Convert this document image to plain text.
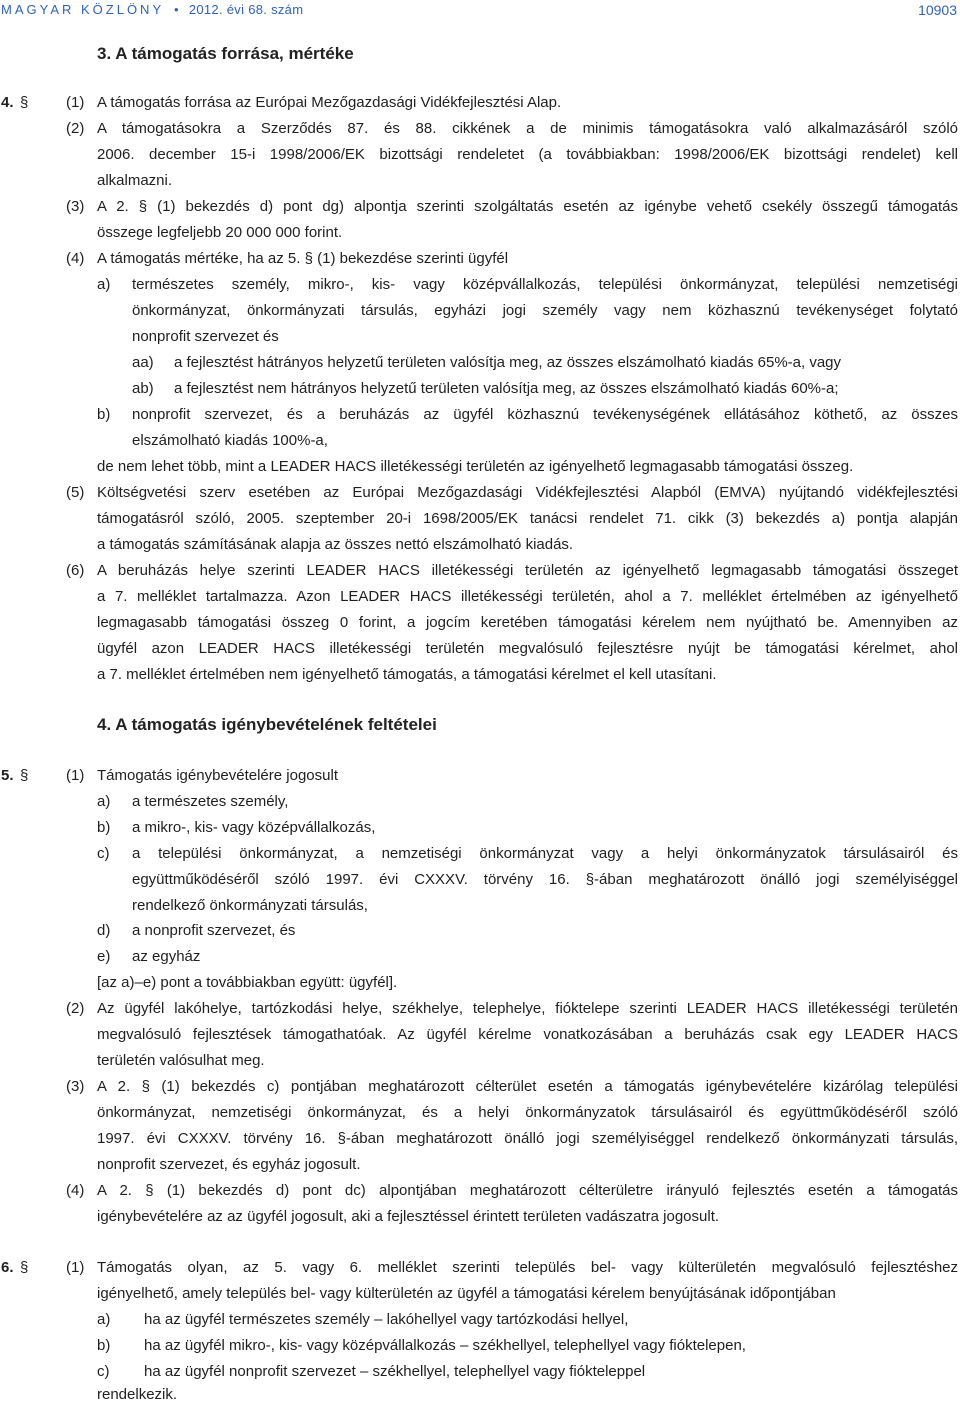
MAGYAR KÖZLÖNY • 2012. évi 68. szám	10903
3. A támogatás forrása, mértéke
4. §	(1) A támogatás forrása az Európai Mezőgazdasági Vidékfejlesztési Alap.
(2) A támogatásokra a Szerződés 87. és 88. cikkének a de minimis támogatásokra való alkalmazásáról szóló
2006. december 15-i 1998/2006/EK bizottsági rendeletet (a továbbiakban: 1998/2006/EK bizottsági rendelet) kell
alkalmazni.
(3) A 2. § (1) bekezdés d) pont dg) alpontja szerinti szolgáltatás esetén az igénybe vehető csekély összegű támogatás
összege legfeljebb 20 000 000 forint.
(4) A támogatás mértéke, ha az 5. § (1) bekezdése szerinti ügyfél
a) természetes személy, mikro-, kis- vagy középvállalkozás, települési önkormányzat, települési nemzetiségi
önkormányzat, önkormányzati társulás, egyházi jogi személy vagy nem közhasznú tevékenységet folytató
nonprofit szervezet és
aa) a fejlesztést hátrányos helyzetű területen valósítja meg, az összes elszámolható kiadás 65%-a, vagy
ab) a fejlesztést nem hátrányos helyzetű területen valósítja meg, az összes elszámolható kiadás 60%-a;
b) nonprofit szervezet, és a beruházás az ügyfél közhasznú tevékenységének ellátásához köthető, az összes
elszámolható kiadás 100%-a,
de nem lehet több, mint a LEADER HACS illetékességi területén az igényelhető legmagasabb támogatási összeg.
(5) Költségvetési szerv esetében az Európai Mezőgazdasági Vidékfejlesztési Alapból (EMVA) nyújtandó vidékfejlesztési
támogatásról szóló, 2005. szeptember 20-i 1698/2005/EK tanácsi rendelet 71. cikk (3) bekezdés a) pontja alapján
a támogatás számításának alapja az összes nettó elszámolható kiadás.
(6) A beruházás helye szerinti LEADER HACS illetékességi területén az igényelhető legmagasabb támogatási összeget
a 7. melléklet tartalmazza. Azon LEADER HACS illetékességi területén, ahol a 7. melléklet értelmében az igényelhető
legmagasabb támogatási összeg 0 forint, a jogcím keretében támogatási kérelem nem nyújtható be. Amennyiben az
ügyfél azon LEADER HACS illetékességi területén megvalósuló fejlesztésre nyújt be támogatási kérelmet, ahol
a 7. melléklet értelmében nem igényelhető támogatás, a támogatási kérelmet el kell utasítani.
4. A támogatás igénybevételének feltételei
5. §	(1) Támogatás igénybevételére jogosult
a) a természetes személy,
b) a mikro-, kis- vagy középvállalkozás,
c) a települési önkormányzat, a nemzetiségi önkormányzat vagy a helyi önkormányzatok társulásairól és
együttműködéséről szóló 1997. évi CXXXV. törvény 16. §-ában meghatározott önálló jogi személyiséggel
rendelkező önkormányzati társulás,
d) a nonprofit szervezet, és
e) az egyház
[az a)–e) pont a továbbiakban együtt: ügyfél].
(2) Az ügyfél lakóhelye, tartózkodási helye, székhelye, telephelye, fióktelepe szerinti LEADER HACS illetékességi területén
megvalósuló fejlesztések támogathatóak. Az ügyfél kérelme vonatkozásában a beruházás csak egy LEADER HACS
területén valósulhat meg.
(3) A 2. § (1) bekezdés c) pontjában meghatározott célterület esetén a támogatás igénybevételére kizárólag települési
önkormányzat, nemzetiségi önkormányzat, és a helyi önkormányzatok társulásairól és együttműködéséről szóló
1997. évi CXXXV. törvény 16. §-ában meghatározott önálló jogi személyiséggel rendelkező önkormányzati társulás,
nonprofit szervezet, és egyház jogosult.
(4) A 2. § (1) bekezdés d) pont dc) alpontjában meghatározott célterületre irányuló fejlesztés esetén a támogatás
igénybevételére az az ügyfél jogosult, aki a fejlesztéssel érintett területen vadászatra jogosult.
6. §	(1) Támogatás olyan, az 5. vagy 6. melléklet szerinti település bel- vagy külterületén megvalósuló fejlesztéshez
igényelhető, amely település bel- vagy külterületén az ügyfél a támogatási kérelem benyújtásának időpontjában
a) ha az ügyfél természetes személy – lakóhellyel vagy tartózkodási hellyel,
b) ha az ügyfél mikro-, kis- vagy középvállalkozás – székhellyel, telephellyel vagy fióktelepen,
c) ha az ügyfél nonprofit szervezet – székhellyel, telephellyel vagy fióktelеppel
rendelkezik.
